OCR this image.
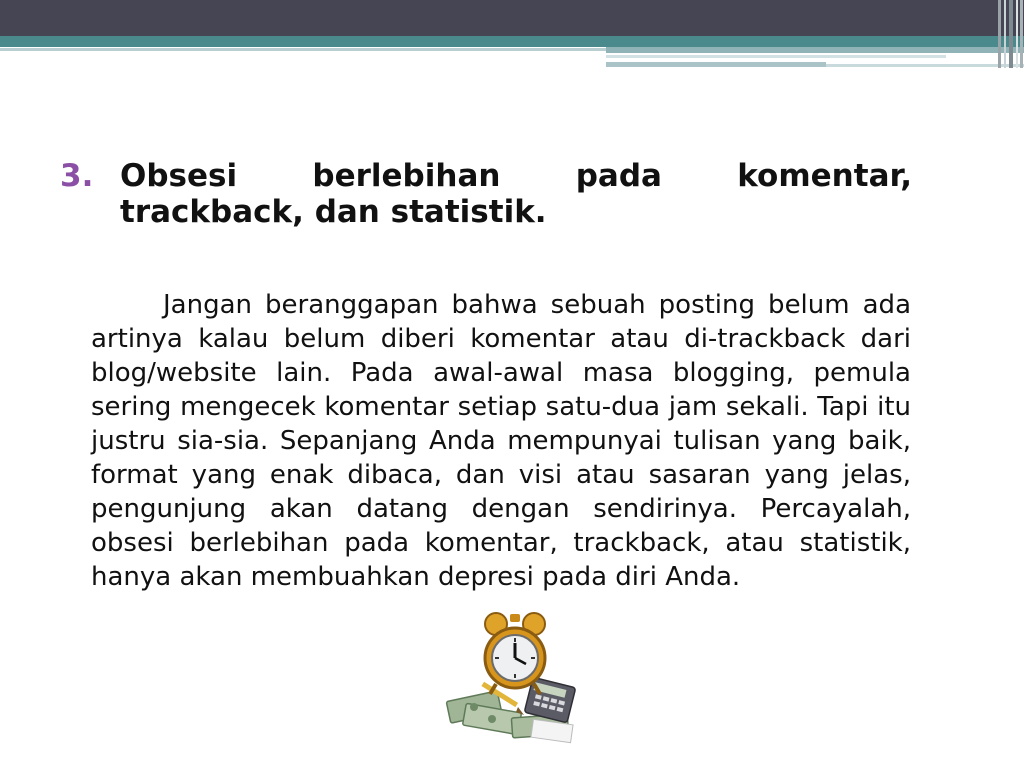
3. Obsesi berlebihan pada komentar, trackback, dan statistik.

Jangan beranggapan bahwa sebuah posting belum ada artinya kalau belum diberi komentar atau di-trackback dari blog/website lain. Pada awal-awal masa blogging, pemula sering mengecek komentar setiap satu-dua jam sekali. Tapi itu justru sia-sia. Sepanjang Anda mempunyai tulisan yang baik, format yang enak dibaca, dan visi atau sasaran yang jelas, pengunjung akan datang dengan sendirinya. Percayalah, obsesi berlebihan pada komentar, trackback, atau statistik, hanya akan membuahkan depresi pada diri Anda.
